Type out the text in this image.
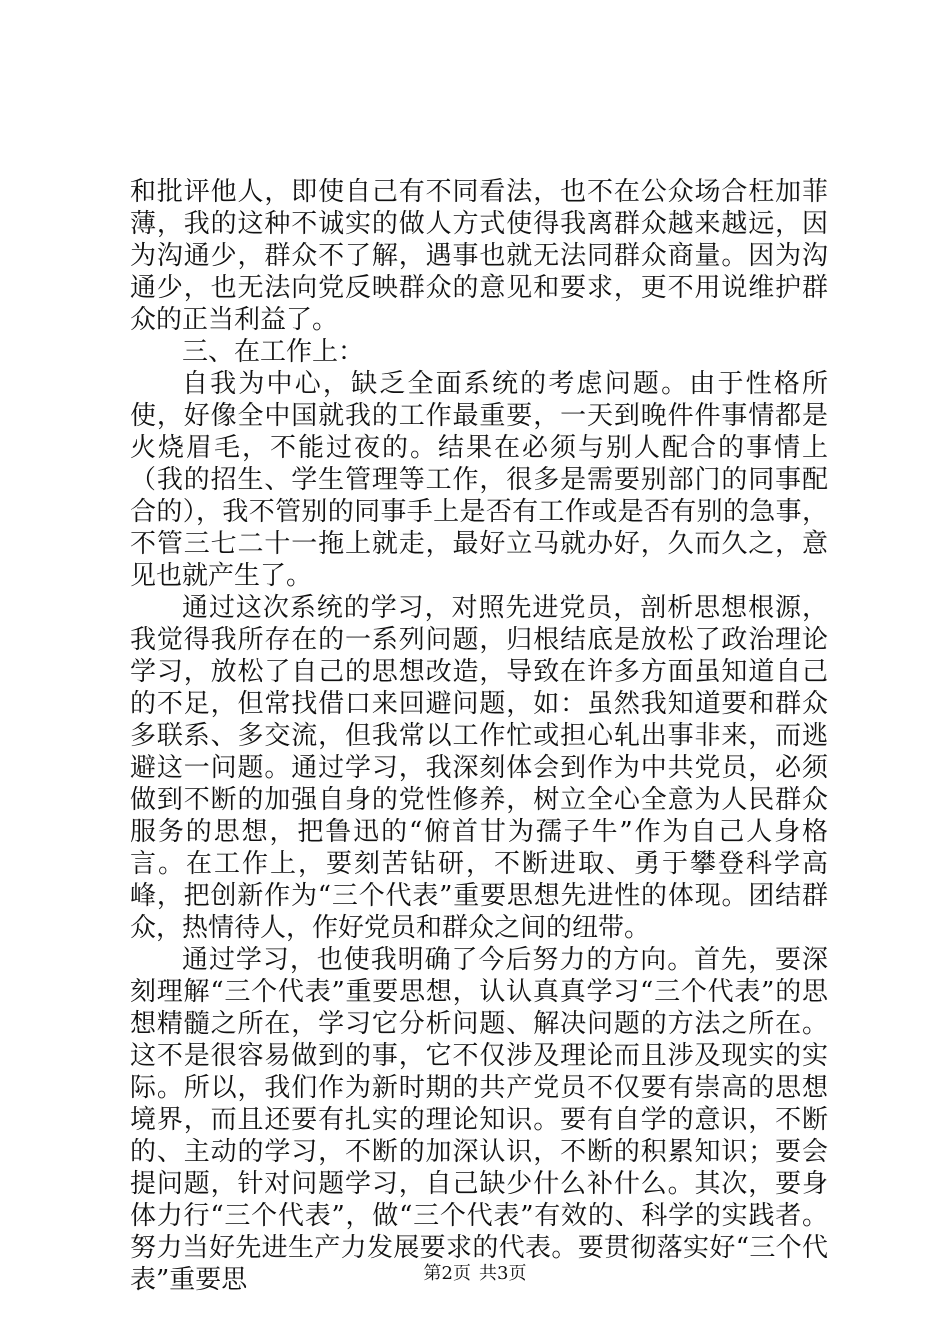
和批评他人，即使自己有不同看法，也不在公众场合枉加菲薄，我的这种不诚实的做人方式使得我离群众越来越远，因为沟通少，群众不了解，遇事也就无法同群众商量。因为沟通少，也无法向党反映群众的意见和要求，更不用说维护群众的正当利益了。

三、在工作上：

自我为中心，缺乏全面系统的考虑问题。由于性格所使，好像全中国就我的工作最重要，一天到晚件件事情都是火烧眉毛，不能过夜的。结果在必须与别人配合的事情上（我的招生、学生管理等工作，很多是需要别部门的同事配合的），我不管别的同事手上是否有工作或是否有别的急事，不管三七二十一拖上就走，最好立马就办好，久而久之，意见也就产生了。

通过这次系统的学习，对照先进党员，剖析思想根源，我觉得我所存在的一系列问题，归根结底是放松了政治理论学习，放松了自己的思想改造，导致在许多方面虽知道自己的不足，但常找借口来回避问题，如：虽然我知道要和群众多联系、多交流，但我常以工作忙或担心轧出事非来，而逃避这一问题。通过学习，我深刻体会到作为中共党员，必须做到不断的加强自身的党性修养，树立全心全意为人民群众服务的思想，把鲁迅的“俯首甘为孺子牛”作为自己人身格言。在工作上，要刻苦钻研，不断进取、勇于攀登科学高峰，把创新作为“三个代表”重要思想先进性的体现。团结群众，热情待人，作好党员和群众之间的纽带。

通过学习，也使我明确了今后努力的方向。首先，要深刻理解“三个代表”重要思想，认认真真学习“三个代表”的思想精髓之所在，学习它分析问题、解决问题的方法之所在。这不是很容易做到的事，它不仅涉及理论而且涉及现实的实际。所以，我们作为新时期的共产党员不仅要有崇高的思想境界，而且还要有扎实的理论知识。要有自学的意识，不断的、主动的学习，不断的加深认识，不断的积累知识；要会提问题，针对问题学习，自己缺少什么补什么。其次，要身体力行“三个代表”，做“三个代表”有效的、科学的实践者。努力当好先进生产力发展要求的代表。要贯彻落实好“三个代表”重要思	第2页 共3页
